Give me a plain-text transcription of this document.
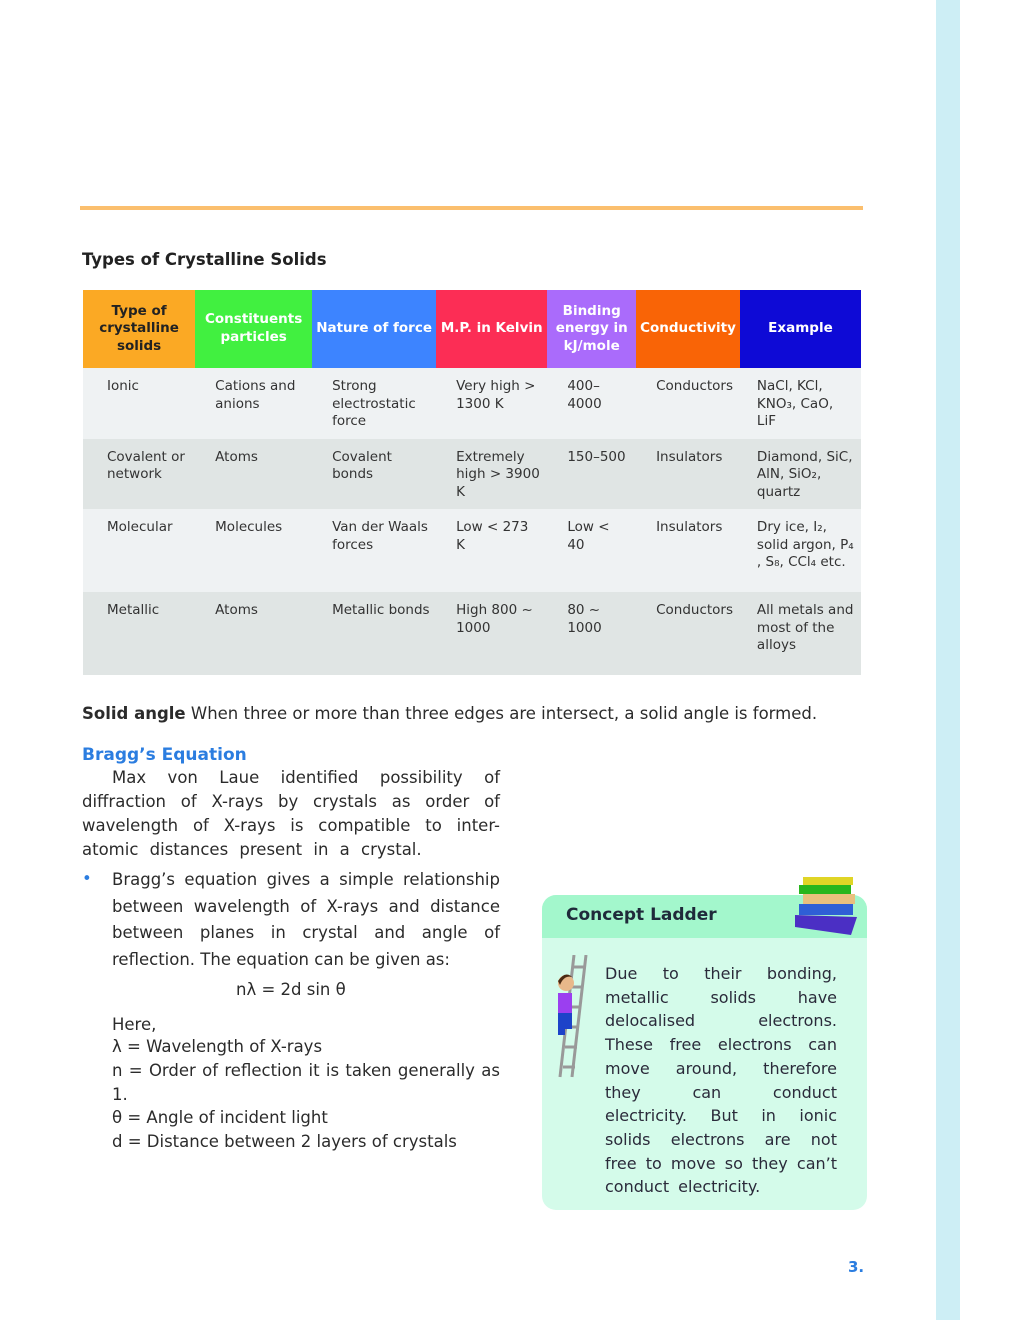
Types of Crystalline Solids
Type of crystalline solids	Constituents particles	Nature of force	M.P. in Kelvin	Binding energy in kJ/mole	Conductivity	Example
Ionic	Cations and anions	Strong electrostatic force	Very high > 1300 K	400–4000	Conductors	NaCl, KCl, KNO₃, CaO, LiF
Covalent or network	Atoms	Covalent bonds	Extremely high > 3900 K	150–500	Insulators	Diamond, SiC, AlN, SiO₂, quartz
Molecular	Molecules	Van der Waals forces	Low < 273 K	Low < 40	Insulators	Dry ice, I₂, solid argon, P₄ , S₈, CCl₄ etc.
Metallic	Atoms	Metallic bonds	High 800 ~ 1000	80 ~ 1000	Conductors	All metals and most of the alloys
Solid angle When three or more than three edges are intersect, a solid angle is formed.
Bragg’s Equation
Max von Laue identified possibility of diffraction of X-rays by crystals as order of wavelength of X-rays is compatible to inter-atomic distances present in a crystal.
• Bragg’s equation gives a simple relationship between wavelength of X-rays and distance between planes in crystal and angle of reflection. The equation can be given as:
nλ = 2d sin θ
Here,
λ = Wavelength of X-rays
n = Order of reflection it is taken generally as 1.
θ = Angle of incident light
d = Distance between 2 layers of crystals
Concept Ladder
Due to their bonding, metallic solids have delocalised electrons. These free electrons can move around, therefore they can conduct electricity. But in ionic solids electrons are not free to move so they can’t conduct electricity.
3.
